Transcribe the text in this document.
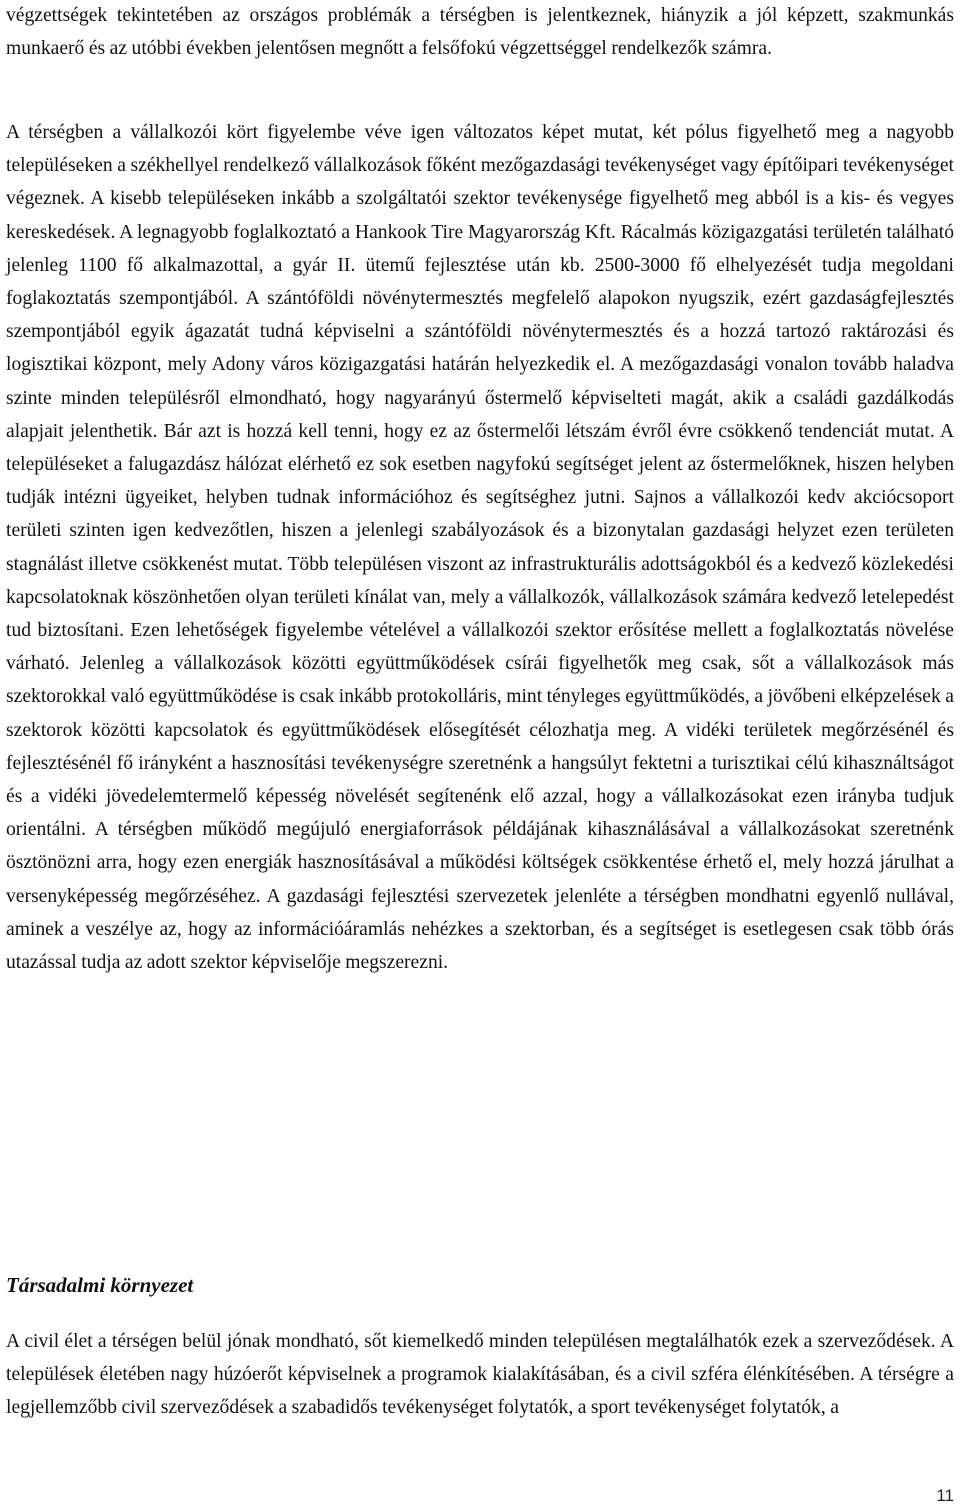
végzettségek tekintetében az országos problémák a térségben is jelentkeznek, hiányzik a jól képzett, szakmunkás munkaerő és az utóbbi években jelentősen megnőtt a felsőfokú végzettséggel rendelkezők számra.

A térségben a vállalkozói kört figyelembe véve igen változatos képet mutat, két pólus figyelhető meg a nagyobb településeken a székhellyel rendelkező vállalkozások főként mezőgazdasági tevékenységet vagy építőipari tevékenységet végeznek. A kisebb településeken inkább a szolgáltatói szektor tevékenysége figyelhető meg abból is a kis- és vegyes kereskedések. A legnagyobb foglalkoztató a Hankook Tire Magyarország Kft. Rácalmás közigazgatási területén található jelenleg 1100 fő alkalmazottal, a gyár II. ütemű fejlesztése után kb. 2500-3000 fő elhelyezését tudja megoldani foglakoztatás szempontjából. A szántóföldi növénytermesztés megfelelő alapokon nyugszik, ezért gazdaságfejlesztés szempontjából egyik ágazatát tudná képviselni a szántóföldi növénytermesztés és a hozzá tartozó raktározási és logisztikai központ, mely Adony város közigazgatási határán helyezkedik el. A mezőgazdasági vonalon tovább haladva szinte minden településről elmondható, hogy nagyarányú őstermelő képviselteti magát, akik a családi gazdálkodás alapjait jelenthetik. Bár azt is hozzá kell tenni, hogy ez az őstermelői létszám évről évre csökkenő tendenciát mutat. A településeket a falugazdász hálózat elérhető ez sok esetben nagyfokú segítséget jelent az őstermelőknek, hiszen helyben tudják intézni ügyeiket, helyben tudnak információhoz és segítséghez jutni. Sajnos a vállalkozói kedv akciócsoport területi szinten igen kedvezőtlen, hiszen a jelenlegi szabályozások és a bizonytalan gazdasági helyzet ezen területen stagnálást illetve csökkenést mutat. Több településen viszont az infrastrukturális adottságokból és a kedvező közlekedési kapcsolatoknak köszönhetően olyan területi kínálat van, mely a vállalkozók, vállalkozások számára kedvező letelepedést tud biztosítani. Ezen lehetőségek figyelembe vételével a vállalkozói szektor erősítése mellett a foglalkoztatás növelése várható. Jelenleg a vállalkozások közötti együttműködések csírái figyelhetők meg csak, sőt a vállalkozások más szektorokkal való együttműködése is csak inkább protokolláris, mint tényleges együttműködés, a jövőbeni elképzelések a szektorok közötti kapcsolatok és együttműködések elősegítését célozhatja meg. A vidéki területek megőrzésénél és fejlesztésénél fő irányként a hasznosítási tevékenységre szeretnénk a hangsúlyt fektetni a turisztikai célú kihasználtságot és a vidéki jövedelemtermelő képesség növelését segítenénk elő azzal, hogy a vállalkozásokat ezen irányba tudjuk orientálni. A térségben működő megújuló energiaforrások példájának kihasználásával a vállalkozásokat szeretnénk ösztönözni arra, hogy ezen energiák hasznosításával a működési költségek csökkentése érhető el, mely hozzá járulhat a versenyképesség megőrzéséhez. A gazdasági fejlesztési szervezetek jelenléte a térségben mondhatni egyenlő nullával, aminek a veszélye az, hogy az információáramlás nehézkes a szektorban, és a segítséget is esetlegesen csak több órás utazással tudja az adott szektor képviselője megszerezni.

Társadalmi környezet

A civil élet a térségen belül jónak mondható, sőt kiemelkedő minden településen megtalálhatók ezek a szerveződések. A települések életében nagy húzóerőt képviselnek a programok kialakításában, és a civil szféra élénkítésében. A térségre a legjellemzőbb civil szerveződések a szabadidős tevékenységet folytatók, a sport tevékenységet folytatók, a

11
